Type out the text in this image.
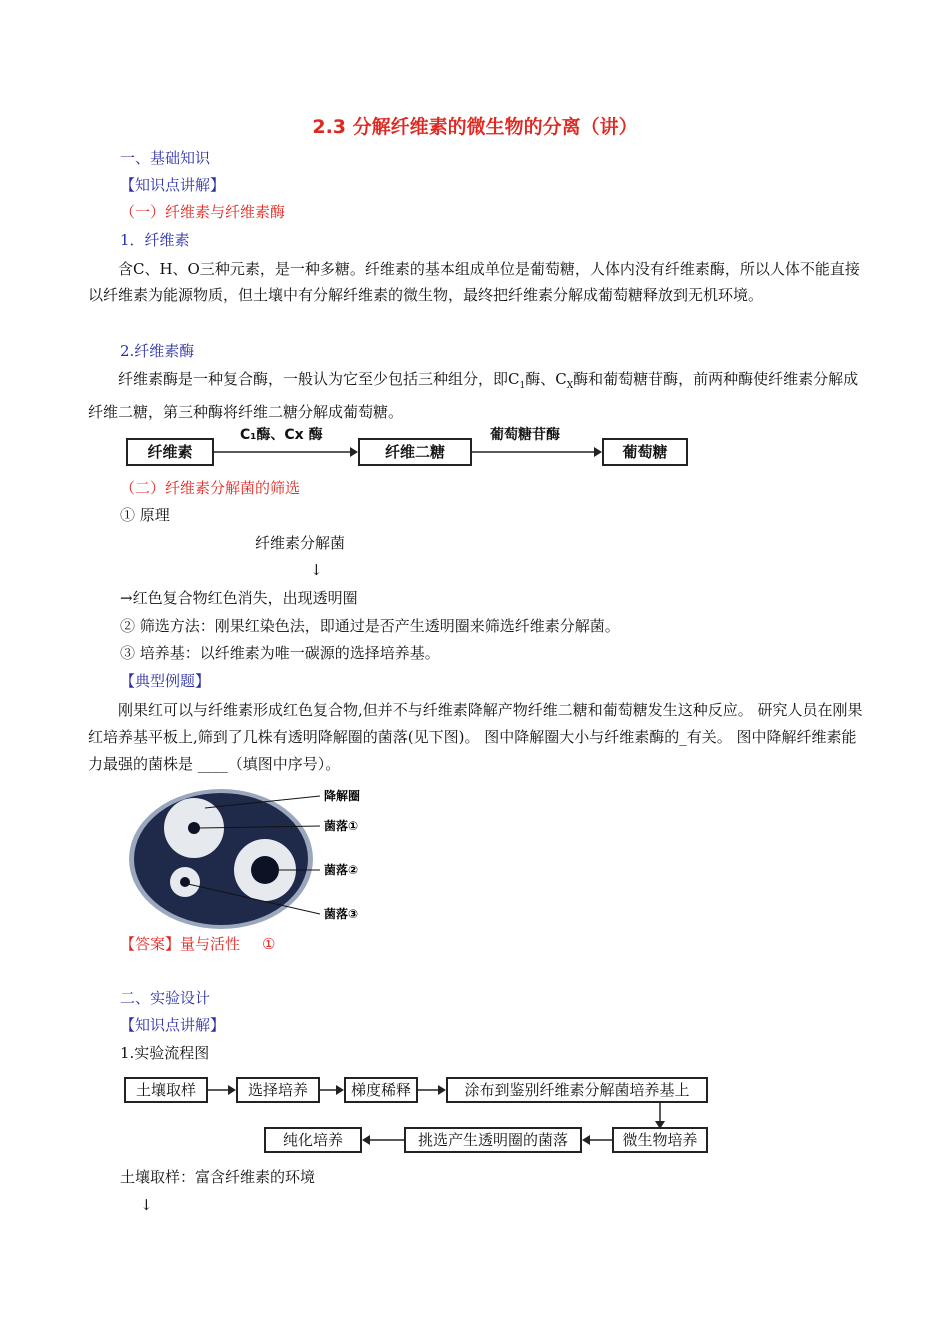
2.3 分解纤维素的微生物的分离（讲）
一、基础知识
【知识点讲解】
（一）纤维素与纤维素酶
1．纤维素
含C、H、O三种元素，是一种多糖。纤维素的基本组成单位是葡萄糖，人体内没有纤维素酶，所以人体不能直接以纤维素为能源物质，但土壤中有分解纤维素的微生物，最终把纤维素分解成葡萄糖释放到无机环境。
2.纤维素酶
纤维素酶是一种复合酶，一般认为它至少包括三种组分，即$C_1$酶、$C_X$酶和葡萄糖苷酶，前两种酶使纤维素分解成纤维二糖，第三种酶将纤维二糖分解成葡萄糖。
纤维素
C₁酶、Cx 酶
纤维二糖
葡萄糖苷酶
葡萄糖
（二）纤维素分解菌的筛选
① 原理
纤维素分解菌
↓
→红色复合物红色消失，出现透明圈
② 筛选方法：刚果红染色法，即通过是否产生透明圈来筛选纤维素分解菌。
③ 培养基：以纤维素为唯一碳源的选择培养基。
【典型例题】
刚果红可以与纤维素形成红色复合物,但并不与纤维素降解产物纤维二糖和葡萄糖发生这种反应。 研究人员在刚果红培养基平板上,筛到了几株有透明降解圈的菌落(见下图)。 图中降解圈大小与纤维素酶的_有关。 图中降解纤维素能力最强的菌株是 ____（填图中序号）。
降解圈
菌落①
菌落②
菌落③
【答案】量与活性 ①
二、实验设计
【知识点讲解】
1.实验流程图
土壤取样	选择培养	梯度稀释	涂布到鉴别纤维素分解菌培养基上
纯化培养	挑选产生透明圈的菌落	微生物培养
土壤取样：富含纤维素的环境
↓
